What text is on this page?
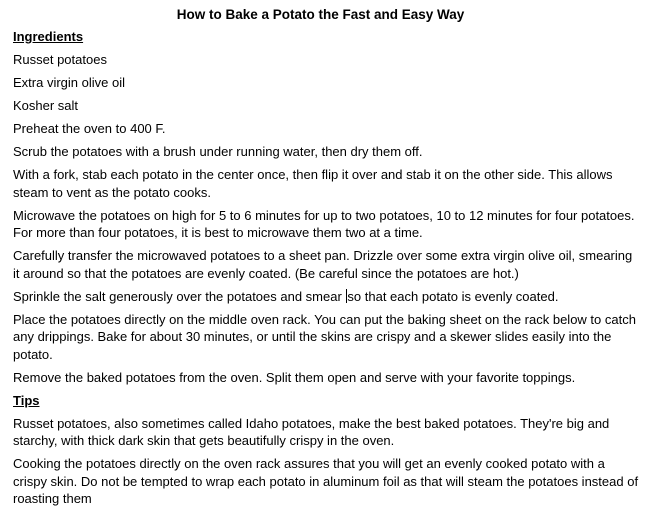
How to Bake a Potato the Fast and Easy Way
Ingredients
Russet potatoes
Extra virgin olive oil
Kosher salt
Preheat the oven to 400 F.
Scrub the potatoes with a brush under running water, then dry them off.
With a fork, stab each potato in the center once, then flip it over and stab it on the other side. This allows steam to vent as the potato cooks.
Microwave the potatoes on high for 5 to 6 minutes for up to two potatoes, 10 to 12 minutes for four potatoes. For more than four potatoes, it is best to microwave them two at a time.
Carefully transfer the microwaved potatoes to a sheet pan. Drizzle over some extra virgin olive oil, smearing it around so that the potatoes are evenly coated. (Be careful since the potatoes are hot.)
Sprinkle the salt generously over the potatoes and smear so that each potato is evenly coated.
Place the potatoes directly on the middle oven rack. You can put the baking sheet on the rack below to catch any drippings. Bake for about 30 minutes, or until the skins are crispy and a skewer slides easily into the potato.
Remove the baked potatoes from the oven. Split them open and serve with your favorite toppings.
Tips
Russet potatoes, also sometimes called Idaho potatoes, make the best baked potatoes. They're big and starchy, with thick dark skin that gets beautifully crispy in the oven.
Cooking the potatoes directly on the oven rack assures that you will get an evenly cooked potato with a crispy skin. Do not be tempted to wrap each potato in aluminum foil as that will steam the potatoes instead of roasting them
